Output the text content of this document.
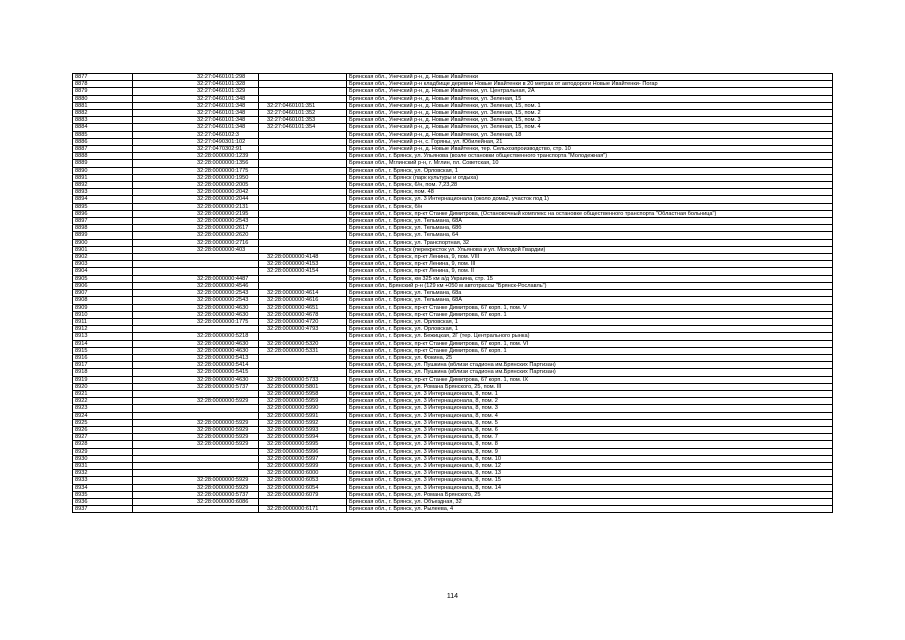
8877	32:27:0460101:298		Брянская обл., Унечский р-н, д. Новые Ивайтенки
8878	32:27:0460101:328		Брянская обл., Унечский р-н кладбище деревни Новые Ивайтенки в 20 метрах от автодороги Новые Ивайтенки- Погар
8879	32:27:0460101:329		Брянская обл., Унечский р-н, д. Новые Ивайтенки, ул. Центральная, 2А
8880	32:27:0460101:348		Брянская обл., Унечский р-н, д. Новые Ивайтенки, ул. Зеленая, 15
8881	32:27:0460101:348	32:27:0460101:351	Брянская обл., Унечский р-н, д. Новые Ивайтенки, ул. Зеленая, 15, пом. 1
8882	32:27:0460101:348	32:27:0460101:352	Брянская обл., Унечский р-н, д. Новые Ивайтенки, ул. Зеленая, 15, пом. 2
8883	32:27:0460101:348	32:27:0460101:353	Брянская обл., Унечский р-н, д. Новые Ивайтенки, ул. Зеленая, 15, пом. 3
8884	32:27:0460101:348	32:27:0460101:354	Брянская обл., Унечский р-н, д. Новые Ивайтенки, ул. Зеленая, 15, пом. 4
8885	32:27:0460102:3		Брянская обл., Унечский р-н, д. Новые Ивайтенки, ул. Зеленая, 18
8886	32:27:0490301:102		Брянская обл., Унечский р-н, с. Горяны, ул. Юбилейная, 21
8887	32:27:0470302:91		Брянская обл., Унечский р-н, д. Новые Ивайтенки, тер. Сельхозпроизводство, стр. 10
8888	32:28:0000000:1239		Брянская обл., г. Брянск, ул. Ульянова (возле остановки общественного транспорта "Молодежная")
8889	32:28:0000000:1356		Брянская обл., Мглинский р-н, г. Мглин, пл. Советская, 10
8890	32:28:0000000:1775		Брянская обл., г. Брянск, ул. Орловская, 1
8891	32:28:0000000:1950		Брянская обл., г. Брянск (парк культуры и отдыха)
8892	32:28:0000000:2005		Брянская обл., г. Брянск, 6/н, пом. 7,23,28
8893	32:28:0000000:2042		Брянская обл., г. Брянск, пом. 48
8894	32:28:0000000:2044		Брянская обл., г. Брянск, ул. 3 Интернационала (около дома2, участок под 1)
8895	32:28:0000000:2131		Брянская обл., г. Брянск, б/н
8896	32:28:0000000:2195		Брянская обл., г. Брянск, пр-кт Станке Димитрова, (Остановочный комплекс на остановке общественного транспорта "Областная больница")
8897	32:28:0000000:2543		Брянская обл., г. Брянск, ул. Тельмана, 68А
8898	32:28:0000000:2617		Брянская обл., г. Брянск, ул. Тельмана, 68б
8899	32:28:0000000:2620		Брянская обл., г. Брянск, ул. Тельмана, 64
8900	32:28:0000000:2716		Брянская обл., г. Брянск, ул. Транспортная, 32
8901	32:28:0000000:403		Брянская обл., г. Брянск (перекресток ул. Ульянова и ул. Молодой Гвардии)
8902		32:28:0000000:4148	Брянская обл., г. Брянск, пр-кт Ленина, 9, пом. VIII
8903		32:28:0000000:4153	Брянская обл., г. Брянск, пр-кт Ленина, 9, пом. III
8904		32:28:0000000:4154	Брянская обл., г. Брянск, пр-кт Ленина, 9, пом. II
8905	32:28:0000000:4487		Брянская обл., г. Брянск, км 325 км а/д Украина, стр. 15
8906	32:28:0000000:4546		Брянская обл., Брянский р-н (129 км +050 м автотрассы "Брянск-Рославль")
8907	32:28:0000000:2543	32:28:0000000:4614	Брянская обл., г. Брянск, ул. Тельмана, 68а
8908	32:28:0000000:2543	32:28:0000000:4616	Брянская обл., г. Брянск, ул. Тельмана, 68А
8909	32:28:0000000:4630	32:28:0000000:4651	Брянская обл., г. Брянск, пр-кт Станке Димитрова, 67 корп. 1, пом. V
8910	32:28:0000000:4630	32:28:0000000:4678	Брянская обл., г. Брянск, пр-кт Станке Димитрова, 67 корп. 1
8911	32:28:0000000:1775	32:28:0000000:4720	Брянская обл., г. Брянск, ул. Орловская, 1
8912		32:28:0000000:4793	Брянская обл., г. Брянск, ул. Орловская, 1
8913	32:28:0000000:5218		Брянская обл., г. Брянск, ул. Бежицкая, 2Г (тер. Центрального рынка)
8914	32:28:0000000:4630	32:28:0000000:5320	Брянская обл., г. Брянск, пр-кт Станке Димитрова, 67 корп. 1, пом. VI
8915	32:28:0000000:4630	32:28:0000000:5331	Брянская обл., г. Брянск, пр-кт Станке Димитрова, 67 корп. 1
8916	32:28:0000000:5413		Брянская обл., г. Брянск, ул. Фокина, 25
8917	32:28:0000000:5414		Брянская обл., г. Брянск, ул. Пушкина (вблизи стадиона им.Брянских Партизан)
8918	32:28:0000000:5415		Брянская обл., г. Брянск, ул. Пушкина (вблизи стадиона им.Брянских Партизан)
8919	32:28:0000000:4630	32:28:0000000:5733	Брянская обл., г. Брянск, пр-кт Станке Димитрова, 67 корп. 1, пом. IX
8920	32:28:0000000:5737	32:28:0000000:5801	Брянская обл., г. Брянск, ул. Романа Брянского, 25, пом. III
8921		32:28:0000000:5958	Брянская обл., г. Брянск, ул. 3 Интернационала, 8, пом. 1
8922	32:28:0000000:5929	32:28:0000000:5959	Брянская обл., г. Брянск, ул. 3 Интернационала, 8, пом. 2
8923		32:28:0000000:5990	Брянская обл., г. Брянск, ул. 3 Интернационала, 8, пом. 3
8924		32:28:0000000:5991	Брянская обл., г. Брянск, ул. 3 Интернационала, 8, пом. 4
8925	32:28:0000000:5929	32:28:0000000:5992	Брянская обл., г. Брянск, ул. 3 Интернационала, 8, пом. 5
8926	32:28:0000000:5929	32:28:0000000:5993	Брянская обл., г. Брянск, ул. 3 Интернационала, 8, пом. 6
8927	32:28:0000000:5929	32:28:0000000:5994	Брянская обл., г. Брянск, ул. 3 Интернационала, 8, пом. 7
8928	32:28:0000000:5929	32:28:0000000:5995	Брянская обл., г. Брянск, ул. 3 Интернационала, 8, пом. 8
8929		32:28:0000000:5996	Брянская обл., г. Брянск, ул. 3 Интернационала, 8, пом. 9
8930		32:28:0000000:5997	Брянская обл., г. Брянск, ул. 3 Интернационала, 8, пом. 10
8931		32:28:0000000:5999	Брянская обл., г. Брянск, ул. 3 Интернационала, 8, пом. 12
8932		32:28:0000000:6000	Брянская обл., г. Брянск, ул. 3 Интернационала, 8, пом. 13
8933	32:28:0000000:5929	32:28:0000000:6053	Брянская обл., г. Брянск, ул. 3 Интернационала, 8, пом. 15
8934	32:28:0000000:5929	32:28:0000000:6054	Брянская обл., г. Брянск, ул. 3 Интернационала, 8, пом. 14
8935	32:28:0000000:5737	32:28:0000000:6079	Брянская обл., г. Брянск, ул. Романа Брянского, 25
8936	32:28:0000000:6086		Брянская обл., г. Брянск, ул. Объездная, 32
8937		32:28:0000000:6171	Брянская обл., г. Брянск, ул. Рылеева, 4
114
